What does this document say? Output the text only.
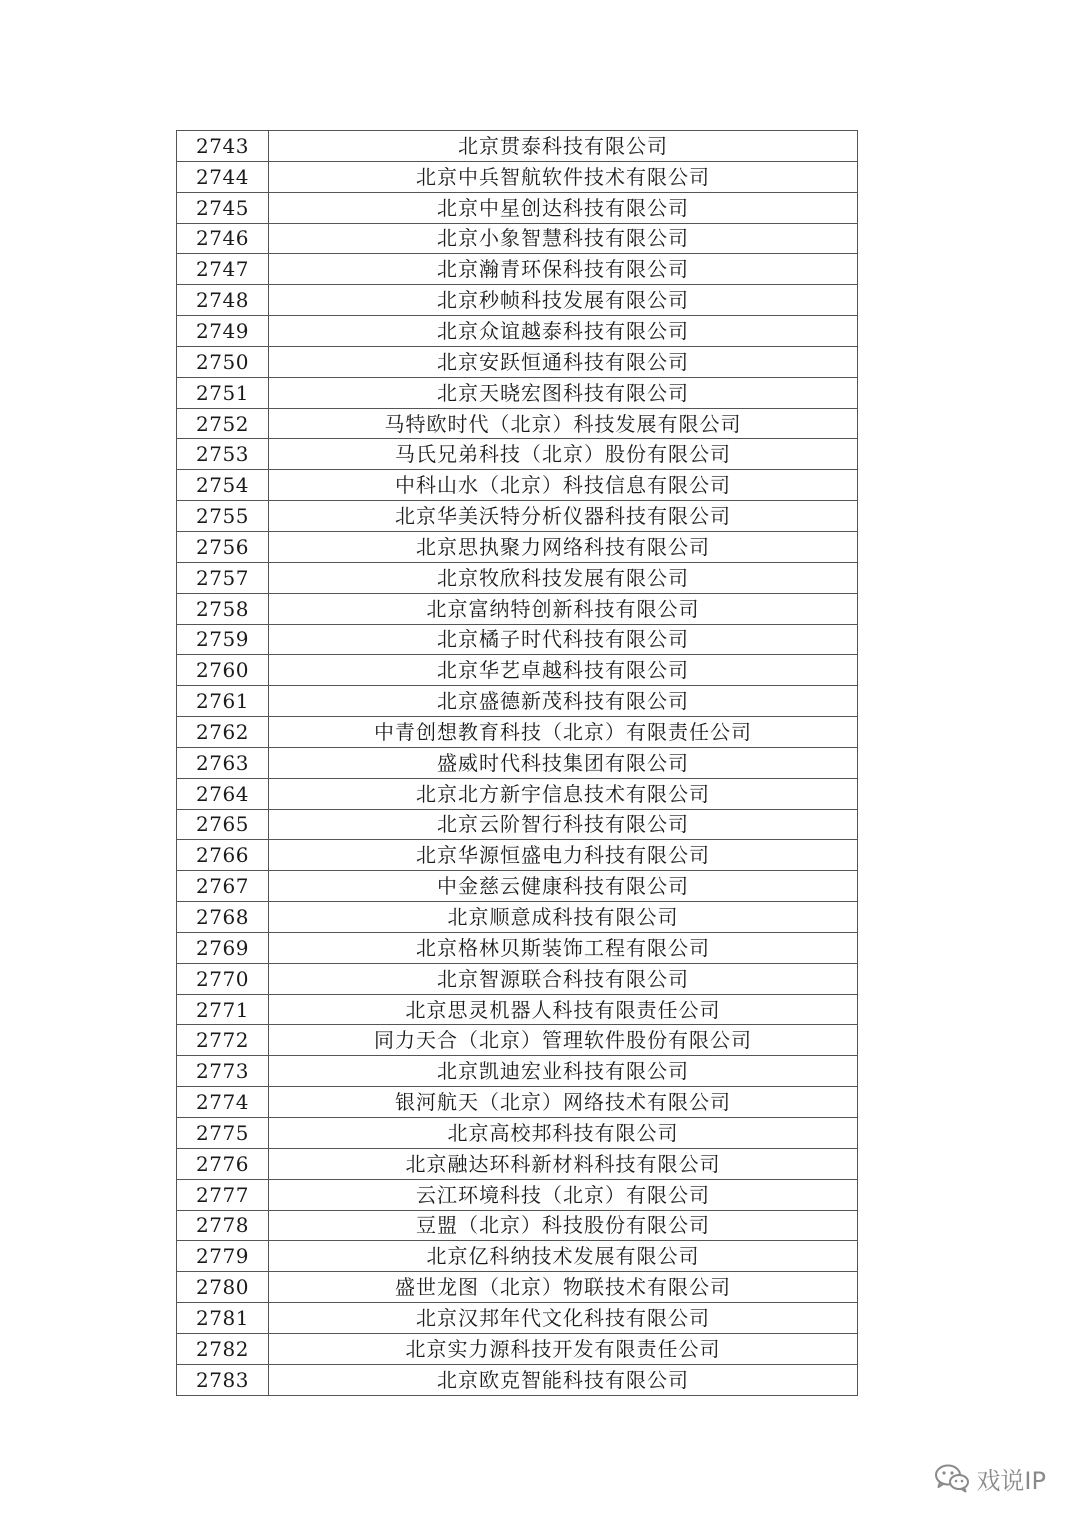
2743	北京贯泰科技有限公司
2744	北京中兵智航软件技术有限公司
2745	北京中星创达科技有限公司
2746	北京小象智慧科技有限公司
2747	北京瀚青环保科技有限公司
2748	北京秒帧科技发展有限公司
2749	北京众谊越泰科技有限公司
2750	北京安跃恒通科技有限公司
2751	北京天晓宏图科技有限公司
2752	马特欧时代（北京）科技发展有限公司
2753	马氏兄弟科技（北京）股份有限公司
2754	中科山水（北京）科技信息有限公司
2755	北京华美沃特分析仪器科技有限公司
2756	北京思执聚力网络科技有限公司
2757	北京牧欣科技发展有限公司
2758	北京富纳特创新科技有限公司
2759	北京橘子时代科技有限公司
2760	北京华艺卓越科技有限公司
2761	北京盛德新茂科技有限公司
2762	中青创想教育科技（北京）有限责任公司
2763	盛威时代科技集团有限公司
2764	北京北方新宇信息技术有限公司
2765	北京云阶智行科技有限公司
2766	北京华源恒盛电力科技有限公司
2767	中金慈云健康科技有限公司
2768	北京顺意成科技有限公司
2769	北京格林贝斯装饰工程有限公司
2770	北京智源联合科技有限公司
2771	北京思灵机器人科技有限责任公司
2772	同力天合（北京）管理软件股份有限公司
2773	北京凯迪宏业科技有限公司
2774	银河航天（北京）网络技术有限公司
2775	北京高校邦科技有限公司
2776	北京融达环科新材料科技有限公司
2777	云江环境科技（北京）有限公司
2778	豆盟（北京）科技股份有限公司
2779	北京亿科纳技术发展有限公司
2780	盛世龙图（北京）物联技术有限公司
2781	北京汉邦年代文化科技有限公司
2782	北京实力源科技开发有限责任公司
2783	北京欧克智能科技有限公司
戏说IP
